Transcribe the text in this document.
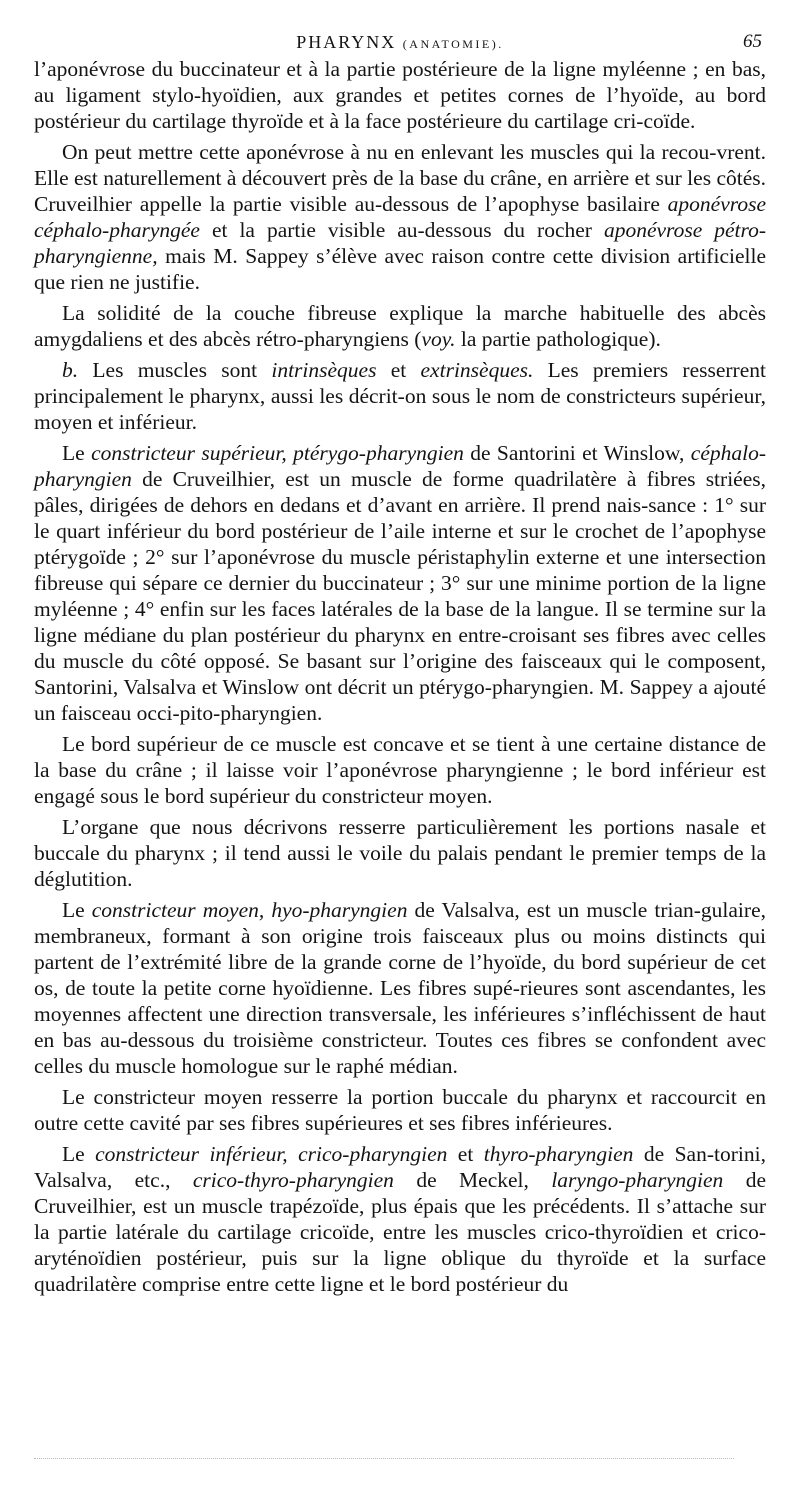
PHARYNX (ANATOMIE).	65

l’aponévrose du buccinateur et à la partie postérieure de la ligne myléenne ; en bas, au ligament stylo-hyoïdien, aux grandes et petites cornes de l’hyoïde, au bord postérieur du cartilage thyroïde et à la face postérieure du cartilage cri-coïde.

On peut mettre cette aponévrose à nu en enlevant les muscles qui la recou-vrent. Elle est naturellement à découvert près de la base du crâne, en arrière et sur les côtés. Cruveilhier appelle la partie visible au-dessous de l’apophyse basilaire aponévrose céphalo-pharyngée et la partie visible au-dessous du rocher aponévrose pétro-pharyngienne, mais M. Sappey s’élève avec raison contre cette division artificielle que rien ne justifie.

La solidité de la couche fibreuse explique la marche habituelle des abcès amygdaliens et des abcès rétro-pharyngiens (voy. la partie pathologique).

b. Les muscles sont intrinsèques et extrinsèques. Les premiers resserrent principalement le pharynx, aussi les décrit-on sous le nom de constricteurs supérieur, moyen et inférieur.

Le constricteur supérieur, ptérygo-pharyngien de Santorini et Winslow, céphalo-pharyngien de Cruveilhier, est un muscle de forme quadrilatère à fibres striées, pâles, dirigées de dehors en dedans et d’avant en arrière. Il prend nais-sance : 1° sur le quart inférieur du bord postérieur de l’aile interne et sur le crochet de l’apophyse ptérygoïde ; 2° sur l’aponévrose du muscle péristaphylin externe et une intersection fibreuse qui sépare ce dernier du buccinateur ; 3° sur une minime portion de la ligne myléenne ; 4° enfin sur les faces latérales de la base de la langue. Il se termine sur la ligne médiane du plan postérieur du pharynx en entre-croisant ses fibres avec celles du muscle du côté opposé. Se basant sur l’origine des faisceaux qui le composent, Santorini, Valsalva et Winslow ont décrit un ptérygo-pharyngien. M. Sappey a ajouté un faisceau occi-pito-pharyngien.

Le bord supérieur de ce muscle est concave et se tient à une certaine distance de la base du crâne ; il laisse voir l’aponévrose pharyngienne ; le bord inférieur est engagé sous le bord supérieur du constricteur moyen.

L’organe que nous décrivons resserre particulièrement les portions nasale et buccale du pharynx ; il tend aussi le voile du palais pendant le premier temps de la déglutition.

Le constricteur moyen, hyo-pharyngien de Valsalva, est un muscle trian-gulaire, membraneux, formant à son origine trois faisceaux plus ou moins distincts qui partent de l’extrémité libre de la grande corne de l’hyoïde, du bord supérieur de cet os, de toute la petite corne hyoïdienne. Les fibres supé-rieures sont ascendantes, les moyennes affectent une direction transversale, les inférieures s’infléchissent de haut en bas au-dessous du troisième constricteur. Toutes ces fibres se confondent avec celles du muscle homologue sur le raphé médian.

Le constricteur moyen resserre la portion buccale du pharynx et raccourcit en outre cette cavité par ses fibres supérieures et ses fibres inférieures.

Le constricteur inférieur, crico-pharyngien et thyro-pharyngien de San-torini, Valsalva, etc., crico-thyro-pharyngien de Meckel, laryngo-pharyngien de Cruveilhier, est un muscle trapézoïde, plus épais que les précédents. Il s’attache sur la partie latérale du cartilage cricoïde, entre les muscles crico-thyroïdien et crico-aryténoïdien postérieur, puis sur la ligne oblique du thyroïde et la surface quadrilatère comprise entre cette ligne et le bord postérieur du
